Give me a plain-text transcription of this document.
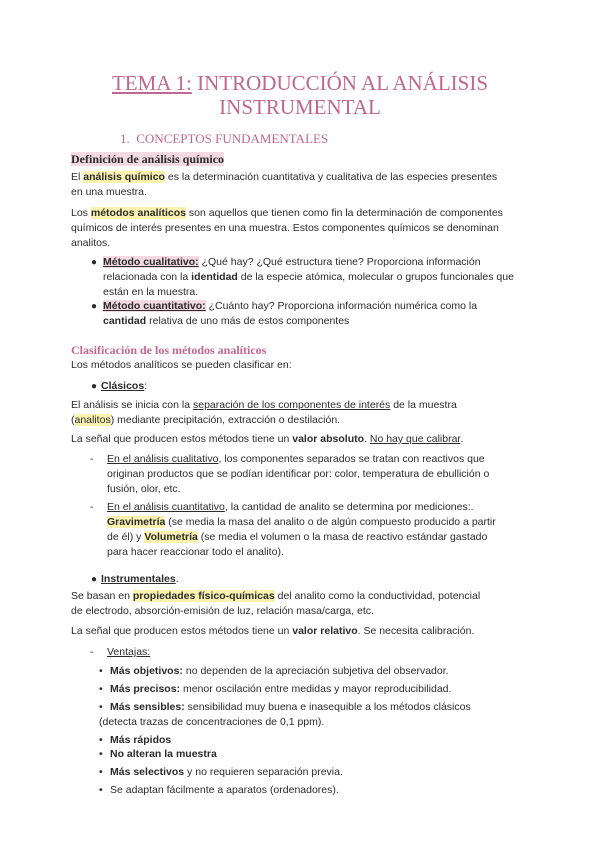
TEMA 1: INTRODUCCIÓN AL ANÁLISIS
INSTRUMENTAL
1. CONCEPTOS FUNDAMENTALES
Definición de análisis químico
El análisis químico es la determinación cuantitativa y cualitativa de las especies presentes
en una muestra.
Los métodos analíticos son aquellos que tienen como fin la determinación de componentes
químicos de interés presentes en una muestra. Estos componentes químicos se denominan
analitos.
● Método cualitativo: ¿Qué hay? ¿Qué estructura tiene? Proporciona información
relacionada con la identidad de la especie atómica, molecular o grupos funcionales que
están en la muestra.
● Método cuantitativo: ¿Cuánto hay? Proporciona información numérica como la
cantidad relativa de uno más de estos componentes
Clasificación de los métodos analíticos
Los métodos analíticos se pueden clasificar en:
● Clásicos:
El análisis se inicia con la separación de los componentes de interés de la muestra
(analitos) mediante precipitación, extracción o destilación.
La señal que producen estos métodos tiene un valor absoluto. No hay que calibrar.
- En el análisis cualitativo, los componentes separados se tratan con reactivos que
originan productos que se podían identificar por: color, temperatura de ebullición o
fusión, olor, etc.
- En el análisis cuantitativo, la cantidad de analito se determina por mediciones:.
Gravimetría (se media la masa del analito o de algún compuesto producido a partir
de él) y Volumetría (se media el volumen o la masa de reactivo estándar gastado
para hacer reaccionar todo el analito).
● Instrumentales.
Se basan en propiedades físico-químicas del analito como la conductividad, potencial
de electrodo, absorción-emisión de luz, relación masa/carga, etc.
La señal que producen estos métodos tiene un valor relativo. Se necesita calibración.
- Ventajas:
• Más objetivos: no dependen de la apreciación subjetiva del observador.
• Más precisos: menor oscilación entre medidas y mayor reproducibilidad.
• Más sensibles: sensibilidad muy buena e inasequible a los métodos clásicos
(detecta trazas de concentraciones de 0,1 ppm).
• Más rápidos
• No alteran la muestra
• Más selectivos y no requieren separación previa.
• Se adaptan fácilmente a aparatos (ordenadores).
